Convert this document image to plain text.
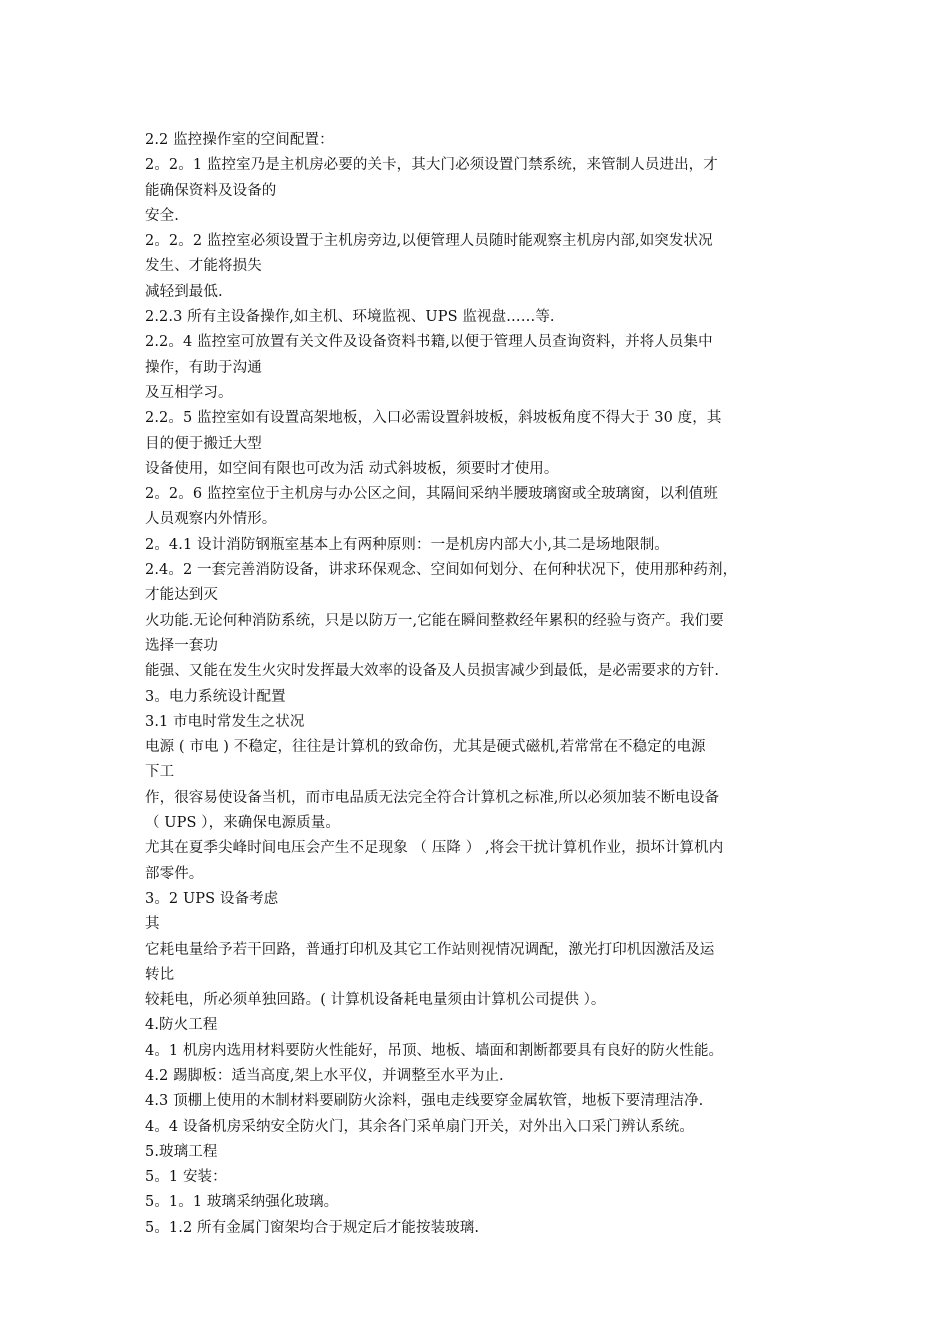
2.2 监控操作室的空间配置：
2。2。1 监控室乃是主机房必要的关卡，其大门必须设置门禁系统，来管制人员进出，才
能确保资料及设备的
安全.
2。2。2 监控室必须设置于主机房旁边,以便管理人员随时能观察主机房内部,如突发状况
发生、才能将损失
减轻到最低.
2.2.3 所有主设备操作,如主机、环境监视、UPS 监视盘……等.
2.2。4 监控室可放置有关文件及设备资料书籍,以便于管理人员查询资料，并将人员集中
操作，有助于沟通
及互相学习。
2.2。5 监控室如有设置高架地板，入口必需设置斜坡板，斜坡板角度不得大于 30 度，其
目的便于搬迁大型
设备使用，如空间有限也可改为活 动式斜坡板，须要时才使用。
2。2。6 监控室位于主机房与办公区之间，其隔间采纳半腰玻璃窗或全玻璃窗，以利值班
人员观察内外情形。
2。4.1 设计消防钢瓶室基本上有两种原则：一是机房内部大小,其二是场地限制。
2.4。2 一套完善消防设备，讲求环保观念、空间如何划分、在何种状况下，使用那种药剂，
才能达到灭
火功能.无论何种消防系统，只是以防万一,它能在瞬间整救经年累积的经验与资产。我们要
选择一套功
能强、又能在发生火灾时发挥最大效率的设备及人员损害减少到最低，是必需要求的方针.
3。电力系统设计配置
3.1 市电时常发生之状况
电源 ( 市电 ) 不稳定，往往是计算机的致命伤，尤其是硬式磁机,若常常在不稳定的电源
下工
作，很容易使设备当机，而市电品质无法完全符合计算机之标准,所以必须加装不断电设备
（ UPS ），来确保电源质量。
尤其在夏季尖峰时间电压会产生不足现象 （ 压降 ） ,将会干扰计算机作业，损坏计算机内
部零件。
3。2 UPS 设备考虑
其
它耗电量给予若干回路，普通打印机及其它工作站则视情况调配，激光打印机因激活及运
转比
较耗电，所必须单独回路。( 计算机设备耗电量须由计算机公司提供 ）。
4.防火工程
4。1 机房内选用材料要防火性能好，吊顶、地板、墙面和割断都要具有良好的防火性能。
4.2 踢脚板：适当高度,架上水平仪，并调整至水平为止.
4.3 顶棚上使用的木制材料要刷防火涂料，强电走线要穿金属软管，地板下要清理洁净.
4。4 设备机房采纳安全防火门，其余各门采单扇门开关，对外出入口采门辨认系统。
5.玻璃工程
5。1 安装：
5。1。1 玻璃采纳强化玻璃。
5。1.2 所有金属门窗架均合于规定后才能按装玻璃.
